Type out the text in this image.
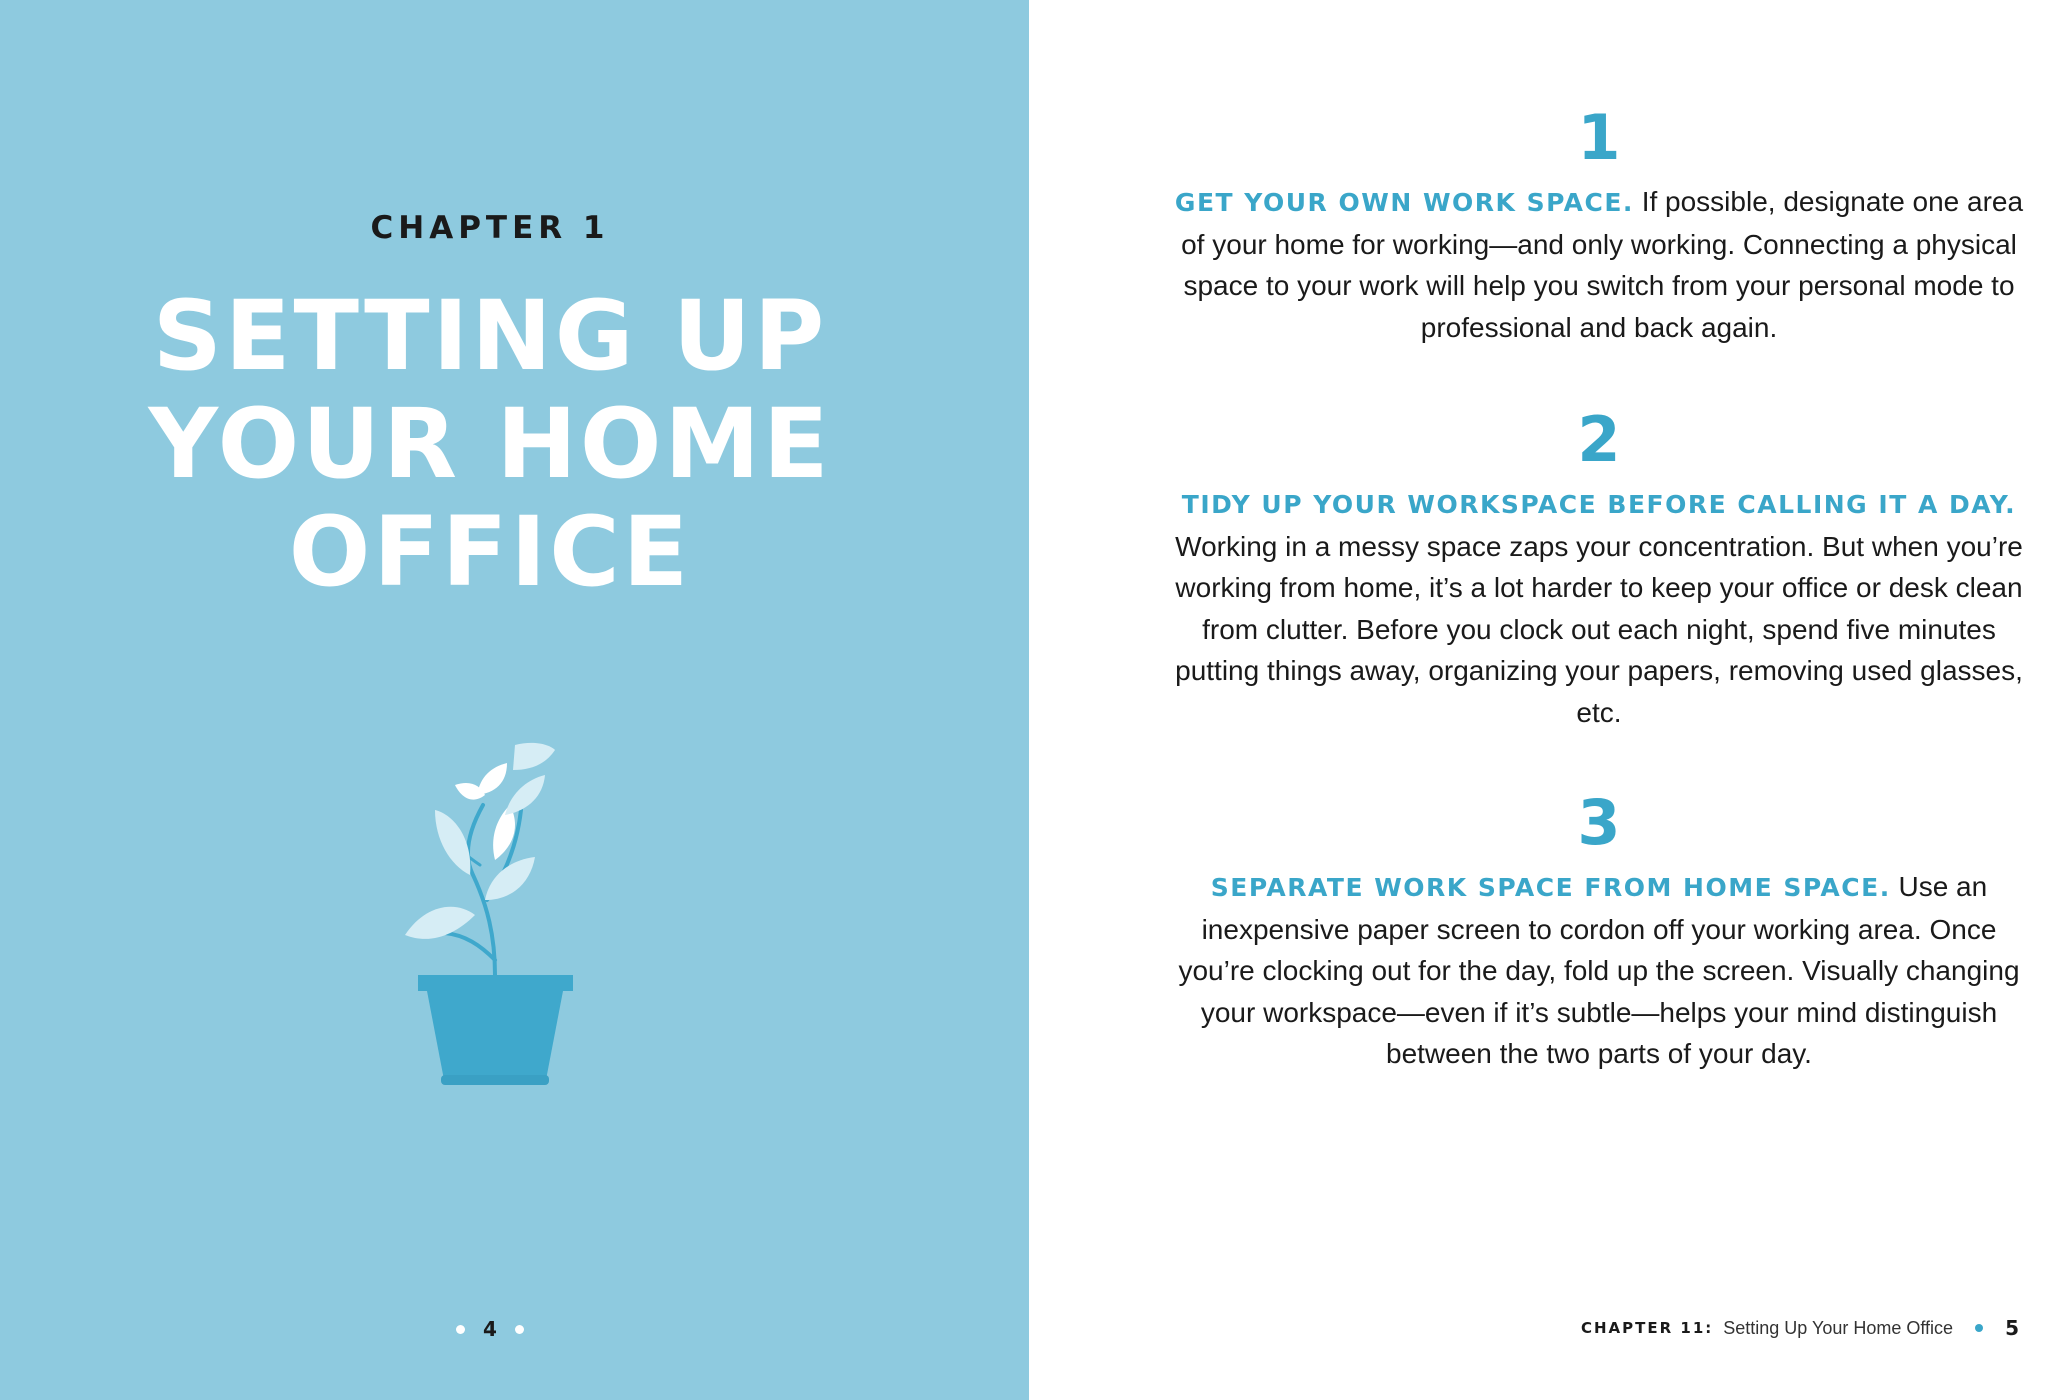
CHAPTER 1
SETTING UP
YOUR HOME
OFFICE
4
1
GET YOUR OWN WORK SPACE. If possible, designate one area of your home for working—and only working. Connecting a physical space to your work will help you switch from your personal mode to professional and back again.
2
TIDY UP YOUR WORKSPACE BEFORE CALLING IT A DAY. Working in a messy space zaps your concentration. But when you’re working from home, it’s a lot harder to keep your office or desk clean from clutter. Before you clock out each night, spend five minutes putting things away, organizing your papers, removing used glasses, etc.
3
SEPARATE WORK SPACE FROM HOME SPACE. Use an inexpensive paper screen to cordon off your working area. Once you’re clocking out for the day, fold up the screen. Visually changing your workspace—even if it’s subtle—helps your mind distinguish between the two parts of your day.
CHAPTER 11: Setting Up Your Home Office	5
